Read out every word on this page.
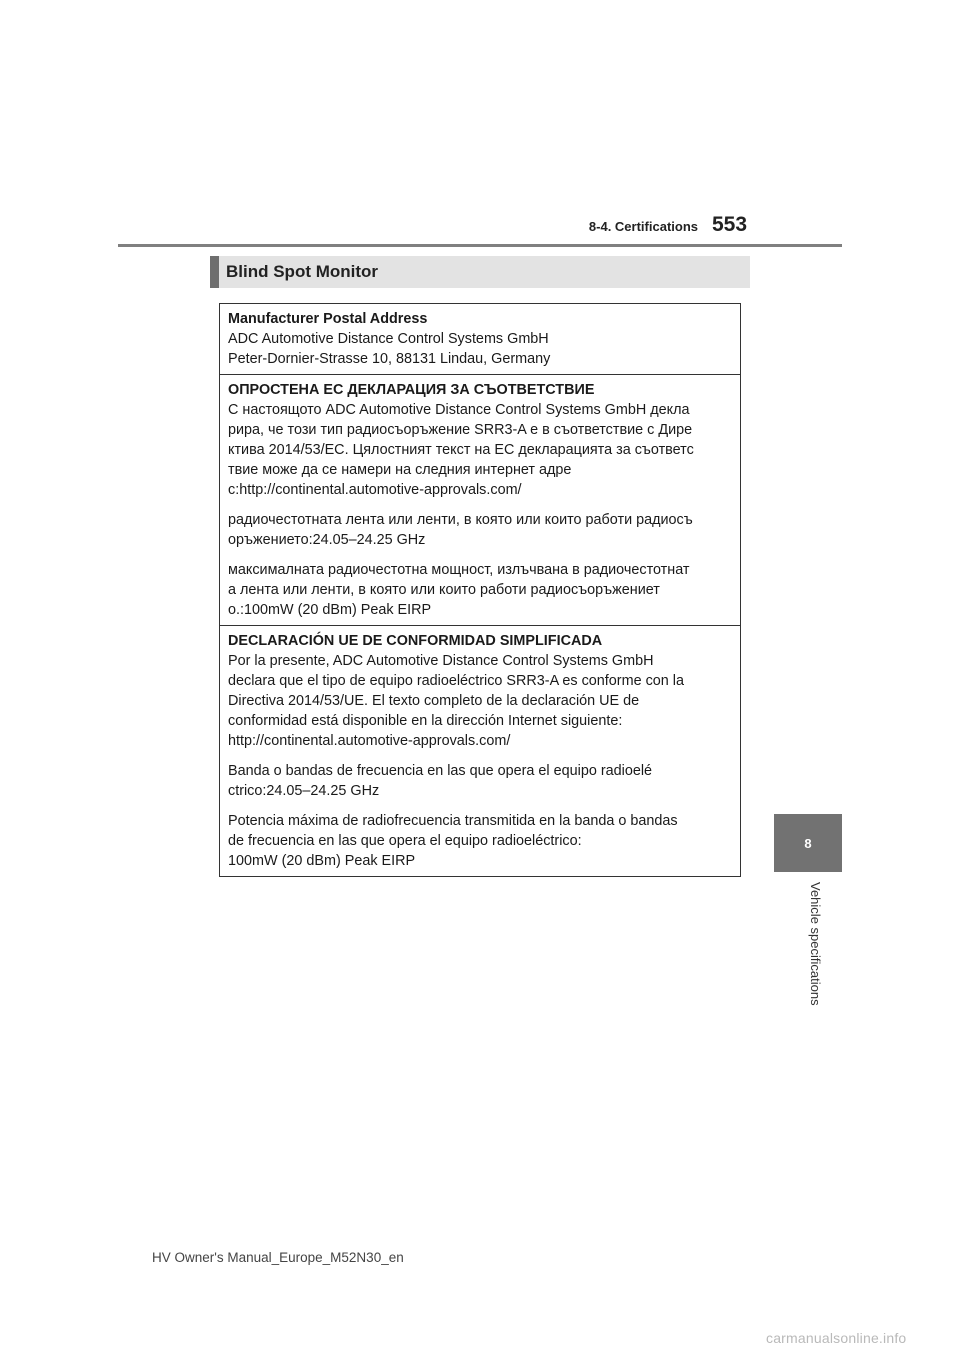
8-4. Certifications 553
8
Vehicle specifications
Blind Spot Monitor
Manufacturer Postal Address
ADC Automotive Distance Control Systems GmbH
Peter-Dornier-Strasse 10, 88131 Lindau, Germany
ОПРОСТЕНА ЕС ДЕКЛАРАЦИЯ ЗА СЪОТВЕТСТВИЕ
С настоящото ADC Automotive Distance Control Systems GmbH декла
рира, че този тип радиосъоръжение SRR3-A е в съответствие с Дире
ктива 2014/53/ЕС. Цялостният текст на ЕС декларацията за съответс
твие може да се намери на следния интернет адре
c:http://continental.automotive-approvals.com/
радиочестотната лента или ленти, в която или които работи радиосъ
оръжението:24.05–24.25 GHz
максималната радиочестотна мощност, излъчвана в радиочестотнат
а лента или ленти, в която или които работи радиосъоръжениет
о.:100mW (20 dBm) Peak EIRP
DECLARACIÓN UE DE CONFORMIDAD SIMPLIFICADA
Por la presente, ADC Automotive Distance Control Systems GmbH
declara que el tipo de equipo radioeléctrico SRR3-A es conforme con la
Directiva 2014/53/UE. El texto completo de la declaración UE de
conformidad está disponible en la dirección Internet siguiente:
http://continental.automotive-approvals.com/
Banda o bandas de frecuencia en las que opera el equipo radioelé
ctrico:24.05–24.25 GHz
Potencia máxima de radiofrecuencia transmitida en la banda o bandas
de frecuencia en las que opera el equipo radioeléctrico:
100mW (20 dBm) Peak EIRP
HV Owner's Manual_Europe_M52N30_en
carmanualsonline.info
